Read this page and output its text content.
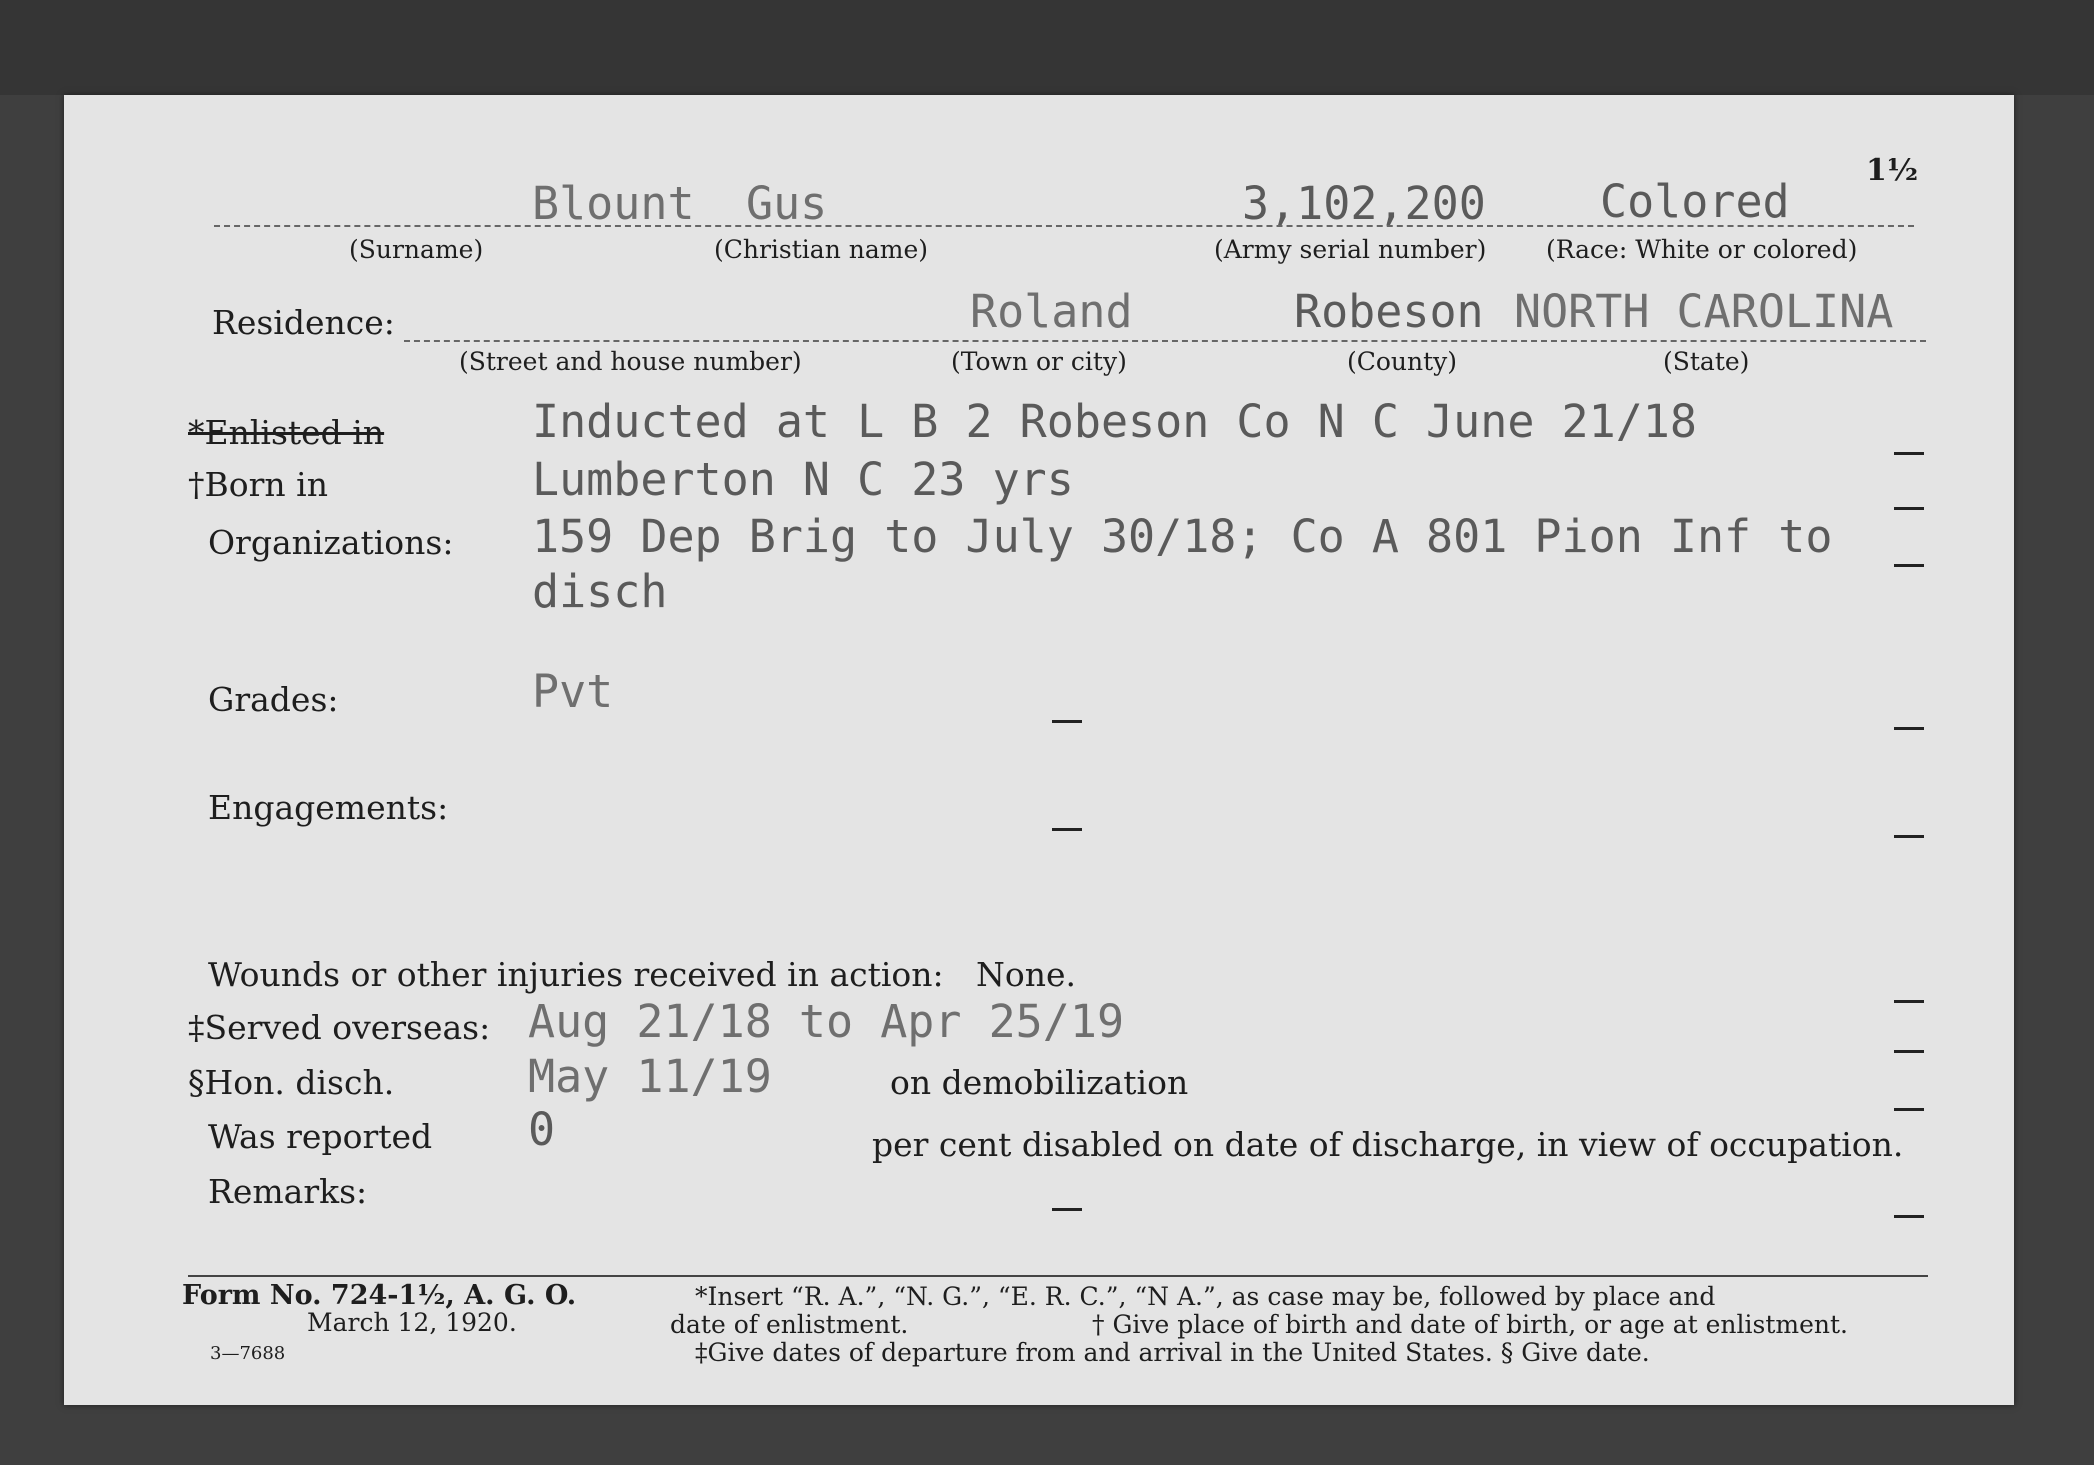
1½
Blount Gus	3,102,200	Colored
(Surname)	(Christian name)	(Army serial number) (Race: White or colored)
Residence:	Roland	Robeson NORTH CAROLINA
(Street and house number)	(Town or city)	(County)	(State)
*Enlisted in	Inducted at L B 2 Robeson Co N C June 21/18
†Born in	Lumberton N C 23 yrs
Organizations: 159 Dep Brig to July 30/18; Co A 801 Pion Inf to
disch
Grades:	Pvt
Engagements:
Wounds or other injuries received in action: None.
‡Served overseas: Aug 21/18 to Apr 25/19
§Hon. disch.	May 11/19	on demobilization
Was reported 0	per cent disabled on date of discharge, in view of occupation.
Remarks:
Form No. 724-1½, A. G. O.
March 12, 1920.
3—7688
*Insert “R. A.”, “N. G.”, “E. R. C.”, “N A.”, as case may be, followed by place and
date of enlistment.	† Give place of birth and date of birth, or age at enlistment.
‡Give dates of departure from and arrival in the United States. § Give date.
